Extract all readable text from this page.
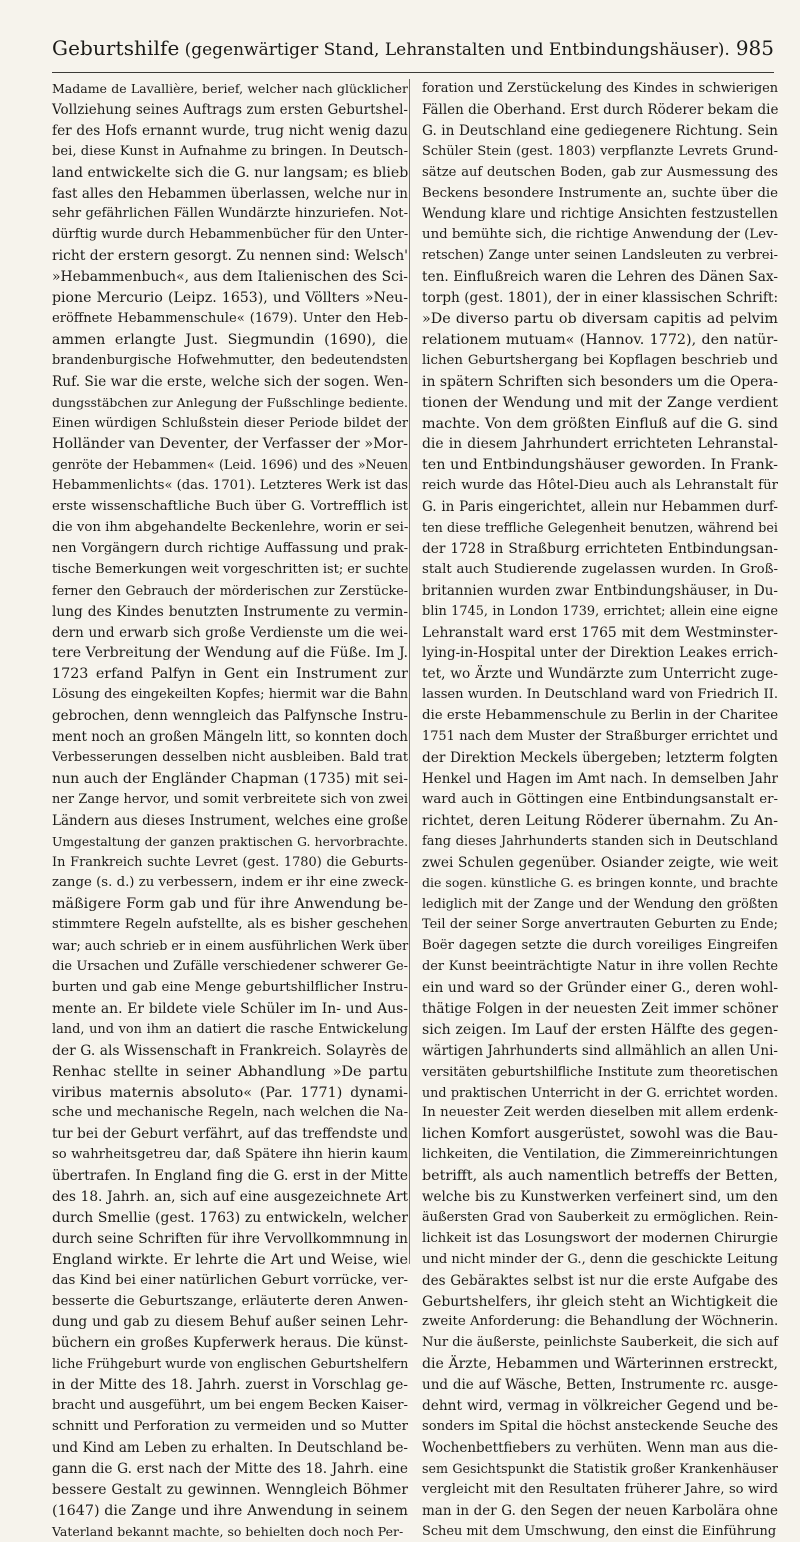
Geburtshilfe (gegenwärtiger Stand, Lehranstalten und Entbindungshäuser). 985
Madame de Lavallière, berief, welcher nach glücklicher
Vollziehung seines Auftrags zum ersten Geburtshel-
fer des Hofs ernannt wurde, trug nicht wenig dazu
bei, diese Kunst in Aufnahme zu bringen. In Deutsch-
land entwickelte sich die G. nur langsam; es blieb
fast alles den Hebammen überlassen, welche nur in
sehr gefährlichen Fällen Wundärzte hinzuriefen. Not-
dürftig wurde durch Hebammenbücher für den Unter-
richt der erstern gesorgt. Zu nennen sind: Welsch'
»Hebammenbuch«, aus dem Italienischen des Sci-
pione Mercurio (Leipz. 1653), und Völlters »Neu-
eröffnete Hebammenschule« (1679). Unter den Heb-
ammen erlangte Just. Siegmundin (1690), die
brandenburgische Hofwehmutter, den bedeutendsten
Ruf. Sie war die erste, welche sich der sogen. Wen-
dungsstäbchen zur Anlegung der Fußschlinge bediente.
Einen würdigen Schlußstein dieser Periode bildet der
Holländer van Deventer, der Verfasser der »Mor-
genröte der Hebammen« (Leid. 1696) und des »Neuen
Hebammenlichts« (das. 1701). Letzteres Werk ist das
erste wissenschaftliche Buch über G. Vortrefflich ist
die von ihm abgehandelte Beckenlehre, worin er sei-
nen Vorgängern durch richtige Auffassung und prak-
tische Bemerkungen weit vorgeschritten ist; er suchte
ferner den Gebrauch der mörderischen zur Zerstücke-
lung des Kindes benutzten Instrumente zu vermin-
dern und erwarb sich große Verdienste um die wei-
tere Verbreitung der Wendung auf die Füße. Im J.
1723 erfand Palfyn in Gent ein Instrument zur
Lösung des eingekeilten Kopfes; hiermit war die Bahn
gebrochen, denn wenngleich das Palfynsche Instru-
ment noch an großen Mängeln litt, so konnten doch
Verbesserungen desselben nicht ausbleiben. Bald trat
nun auch der Engländer Chapman (1735) mit sei-
ner Zange hervor, und somit verbreitete sich von zwei
Ländern aus dieses Instrument, welches eine große
Umgestaltung der ganzen praktischen G. hervorbrachte.
In Frankreich suchte Levret (gest. 1780) die Geburts-
zange (s. d.) zu verbessern, indem er ihr eine zweck-
mäßigere Form gab und für ihre Anwendung be-
stimmtere Regeln aufstellte, als es bisher geschehen
war; auch schrieb er in einem ausführlichen Werk über
die Ursachen und Zufälle verschiedener schwerer Ge-
burten und gab eine Menge geburtshilflicher Instru-
mente an. Er bildete viele Schüler im In- und Aus-
land, und von ihm an datiert die rasche Entwickelung
der G. als Wissenschaft in Frankreich. Solayrès de
Renhac stellte in seiner Abhandlung »De partu
viribus maternis absoluto« (Par. 1771) dynami-
sche und mechanische Regeln, nach welchen die Na-
tur bei der Geburt verfährt, auf das treffendste und
so wahrheitsgetreu dar, daß Spätere ihn hierin kaum
übertrafen. In England fing die G. erst in der Mitte
des 18. Jahrh. an, sich auf eine ausgezeichnete Art
durch Smellie (gest. 1763) zu entwickeln, welcher
durch seine Schriften für ihre Vervollkommnung in
England wirkte. Er lehrte die Art und Weise, wie
das Kind bei einer natürlichen Geburt vorrücke, ver-
besserte die Geburtszange, erläuterte deren Anwen-
dung und gab zu diesem Behuf außer seinen Lehr-
büchern ein großes Kupferwerk heraus. Die künst-
liche Frühgeburt wurde von englischen Geburtshelfern
in der Mitte des 18. Jahrh. zuerst in Vorschlag ge-
bracht und ausgeführt, um bei engem Becken Kaiser-
schnitt und Perforation zu vermeiden und so Mutter
und Kind am Leben zu erhalten. In Deutschland be-
gann die G. erst nach der Mitte des 18. Jahrh. eine
bessere Gestalt zu gewinnen. Wenngleich Böhmer
(1647) die Zange und ihre Anwendung in seinem
Vaterland bekannt machte, so behielten doch noch Per-
foration und Zerstückelung des Kindes in schwierigen
Fällen die Oberhand. Erst durch Röderer bekam die
G. in Deutschland eine gediegenere Richtung. Sein
Schüler Stein (gest. 1803) verpflanzte Levrets Grund-
sätze auf deutschen Boden, gab zur Ausmessung des
Beckens besondere Instrumente an, suchte über die
Wendung klare und richtige Ansichten festzustellen
und bemühte sich, die richtige Anwendung der (Lev-
retschen) Zange unter seinen Landsleuten zu verbrei-
ten. Einflußreich waren die Lehren des Dänen Sax-
torph (gest. 1801), der in einer klassischen Schrift:
»De diverso partu ob diversam capitis ad pelvim
relationem mutuam« (Hannov. 1772), den natür-
lichen Geburtshergang bei Kopflagen beschrieb und
in spätern Schriften sich besonders um die Opera-
tionen der Wendung und mit der Zange verdient
machte. Von dem größten Einfluß auf die G. sind
die in diesem Jahrhundert errichteten Lehranstal-
ten und Entbindungshäuser geworden. In Frank-
reich wurde das Hôtel-Dieu auch als Lehranstalt für
G. in Paris eingerichtet, allein nur Hebammen durf-
ten diese treffliche Gelegenheit benutzen, während bei
der 1728 in Straßburg errichteten Entbindungsan-
stalt auch Studierende zugelassen wurden. In Groß-
britannien wurden zwar Entbindungshäuser, in Du-
blin 1745, in London 1739, errichtet; allein eine eigne
Lehranstalt ward erst 1765 mit dem Westminster-
lying-in-Hospital unter der Direktion Leakes errich-
tet, wo Ärzte und Wundärzte zum Unterricht zuge-
lassen wurden. In Deutschland ward von Friedrich II.
die erste Hebammenschule zu Berlin in der Charitee
1751 nach dem Muster der Straßburger errichtet und
der Direktion Meckels übergeben; letzterm folgten
Henkel und Hagen im Amt nach. In demselben Jahr
ward auch in Göttingen eine Entbindungsanstalt er-
richtet, deren Leitung Röderer übernahm. Zu An-
fang dieses Jahrhunderts standen sich in Deutschland
zwei Schulen gegenüber. Osiander zeigte, wie weit
die sogen. künstliche G. es bringen konnte, und brachte
lediglich mit der Zange und der Wendung den größten
Teil der seiner Sorge anvertrauten Geburten zu Ende;
Boër dagegen setzte die durch voreiliges Eingreifen
der Kunst beeinträchtigte Natur in ihre vollen Rechte
ein und ward so der Gründer einer G., deren wohl-
thätige Folgen in der neuesten Zeit immer schöner
sich zeigen. Im Lauf der ersten Hälfte des gegen-
wärtigen Jahrhunderts sind allmählich an allen Uni-
versitäten geburtshilfliche Institute zum theoretischen
und praktischen Unterricht in der G. errichtet worden.
In neuester Zeit werden dieselben mit allem erdenk-
lichen Komfort ausgerüstet, sowohl was die Bau-
lichkeiten, die Ventilation, die Zimmereinrichtungen
betrifft, als auch namentlich betreffs der Betten,
welche bis zu Kunstwerken verfeinert sind, um den
äußersten Grad von Sauberkeit zu ermöglichen. Rein-
lichkeit ist das Losungswort der modernen Chirurgie
und nicht minder der G., denn die geschickte Leitung
des Gebäraktes selbst ist nur die erste Aufgabe des
Geburtshelfers, ihr gleich steht an Wichtigkeit die
zweite Anforderung: die Behandlung der Wöchnerin.
Nur die äußerste, peinlichste Sauberkeit, die sich auf
die Ärzte, Hebammen und Wärterinnen erstreckt,
und die auf Wäsche, Betten, Instrumente rc. ausge-
dehnt wird, vermag in völkreicher Gegend und be-
sonders im Spital die höchst ansteckende Seuche des
Wochenbettfiebers zu verhüten. Wenn man aus die-
sem Gesichtspunkt die Statistik großer Krankenhäuser
vergleicht mit den Resultaten früherer Jahre, so wird
man in der G. den Segen der neuen Karbolära ohne
Scheu mit dem Umschwung, den einst die Einführung
